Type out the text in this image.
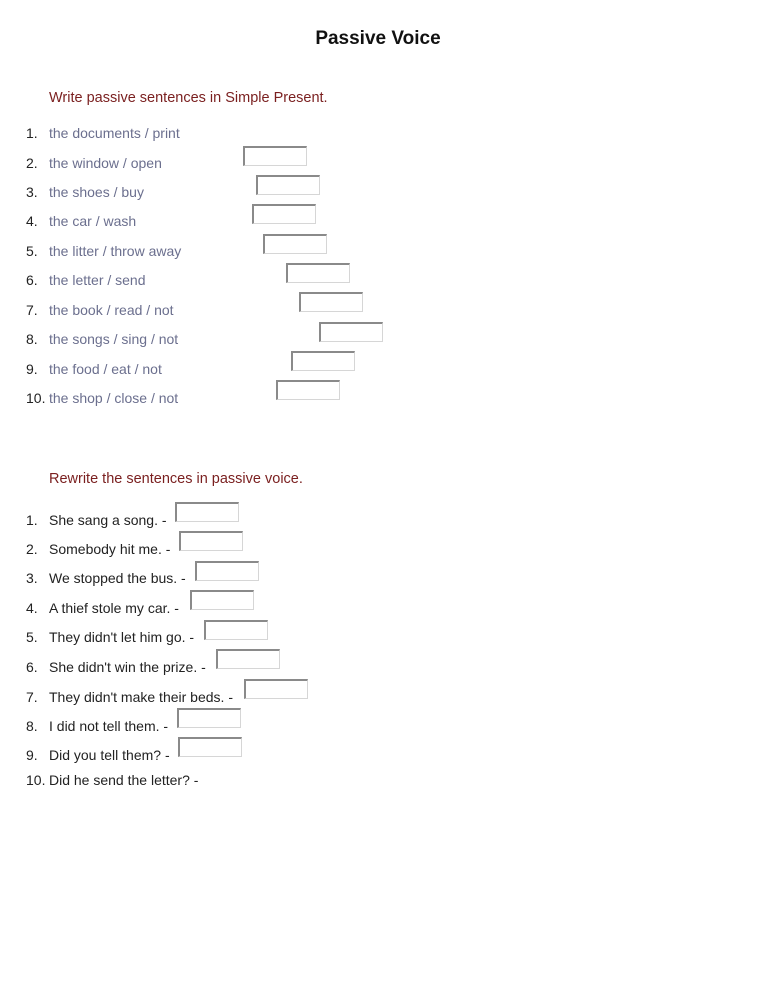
Passive Voice
Write passive sentences in Simple Present.
1. the documents / print
2. the window / open
3. the shoes / buy
4. the car / wash
5. the litter / throw away
6. the letter / send
7. the book / read / not
8. the songs / sing / not
9. the food / eat / not
10. the shop / close / not
Rewrite the sentences in passive voice.
1. She sang a song. -
2. Somebody hit me. -
3. We stopped the bus. -
4. A thief stole my car. -
5. They didn't let him go. -
6. She didn't win the prize. -
7. They didn't make their beds. -
8. I did not tell them. -
9. Did you tell them? -
10. Did he send the letter? -
